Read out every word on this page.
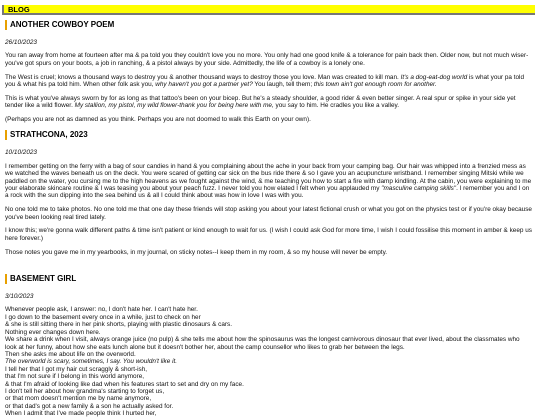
BLOG
ANOTHER COWBOY POEM
26/10/2023

You ran away from home at fourteen after ma & pa told you they couldn't love you no more. You only had one good knife & a tolerance for pain back then. Older now, but not much wiser- you've got spurs on your boots, a job in ranching, & a pistol always by your side. Admittedly, the life of a cowboy is a lonely one.

The West is cruel; knows a thousand ways to destroy you & another thousand ways to destroy those you love. Man was created to kill man. It's a dog-eat-dog world is what your pa told you & what his pa told him. When other folk ask you, why haven't you got a partner yet? You laugh, tell them; this town ain't got enough room for another.

This is what you've always sworn by for as long as that tattoo's been on your bicep. But he's a steady shoulder, a good rider & even better singer. A real spur or spike in your side yet tender like a wild flower. My stallion, my pistol, my wild flower-thank you for being here with me, you say to him. He cradles you like a valley.

(Perhaps you are not as damned as you think. Perhaps you are not doomed to walk this Earth on your own).

STRATHCONA, 2023
10/10/2023

I remember getting on the ferry with a bag of sour candies in hand & you complaining about the ache in your back from your camping bag. Our hair was whipped into a frenzied mess as we watched the waves beneath us on the deck. You were scared of getting car sick on the bus ride there & so I gave you an acupuncture wristband. I remember singing Mitski while we paddled on the water, you cursing me to the high heavens as we fought against the wind, & me teaching you how to start a fire with damp kindling. At the cabin, you were explaining to me your elaborate skincare routine & I was teasing you about your peach fuzz. I never told you how elated I felt when you applauded my "masculine camping skills". I remember you and I on a rock with the sun dipping into the sea behind us & all I could think about was how in love I was with you.

No one told me to take photos. No one told me that one day these friends will stop asking you about your latest fictional crush or what you got on the physics test or if you're okay because you've been looking real tired lately.

I know this; we're gonna walk different paths & time isn't patient or kind enough to wait for us. (I wish I could ask God for more time, I wish I could fossilise this moment in amber & keep us here forever.)

Those notes you gave me in my yearbooks, in my journal, on sticky notes--I keep them in my room, & so my house will never be empty.

BASEMENT GIRL
3/10/2023

Whenever people ask, I answer: no, I don't hate her. I can't hate her.

I go down to the basement every once in a while, just to check on her

& she is still sitting there in her pink shorts, playing with plastic dinosaurs & cars.

Nothing ever changes down here.

We share a drink when I visit, always orange juice (no pulp) & she tells me about how the spinosaurus was the longest carnivorous dinosaur that ever lived, about the classmates who look at her funny, about how she eats lunch alone but it doesn't bother her, about the camp counsellor who likes to grab her between the legs.

Then she asks me about life on the overworld.

The overworld is scary, sometimes, I say. You wouldn't like it.

I tell her that I got my hair cut scraggly & short-ish,

that I'm not sure if I belong in this world anymore,

& that I'm afraid of looking like dad when his features start to set and dry on my face.

I don't tell her about how grandma's starting to forget us,

or that mom doesn't mention me by name anymore,

or that dad's got a new family & a son he actually asked for.

When I admit that I've made people think I hurted her,
